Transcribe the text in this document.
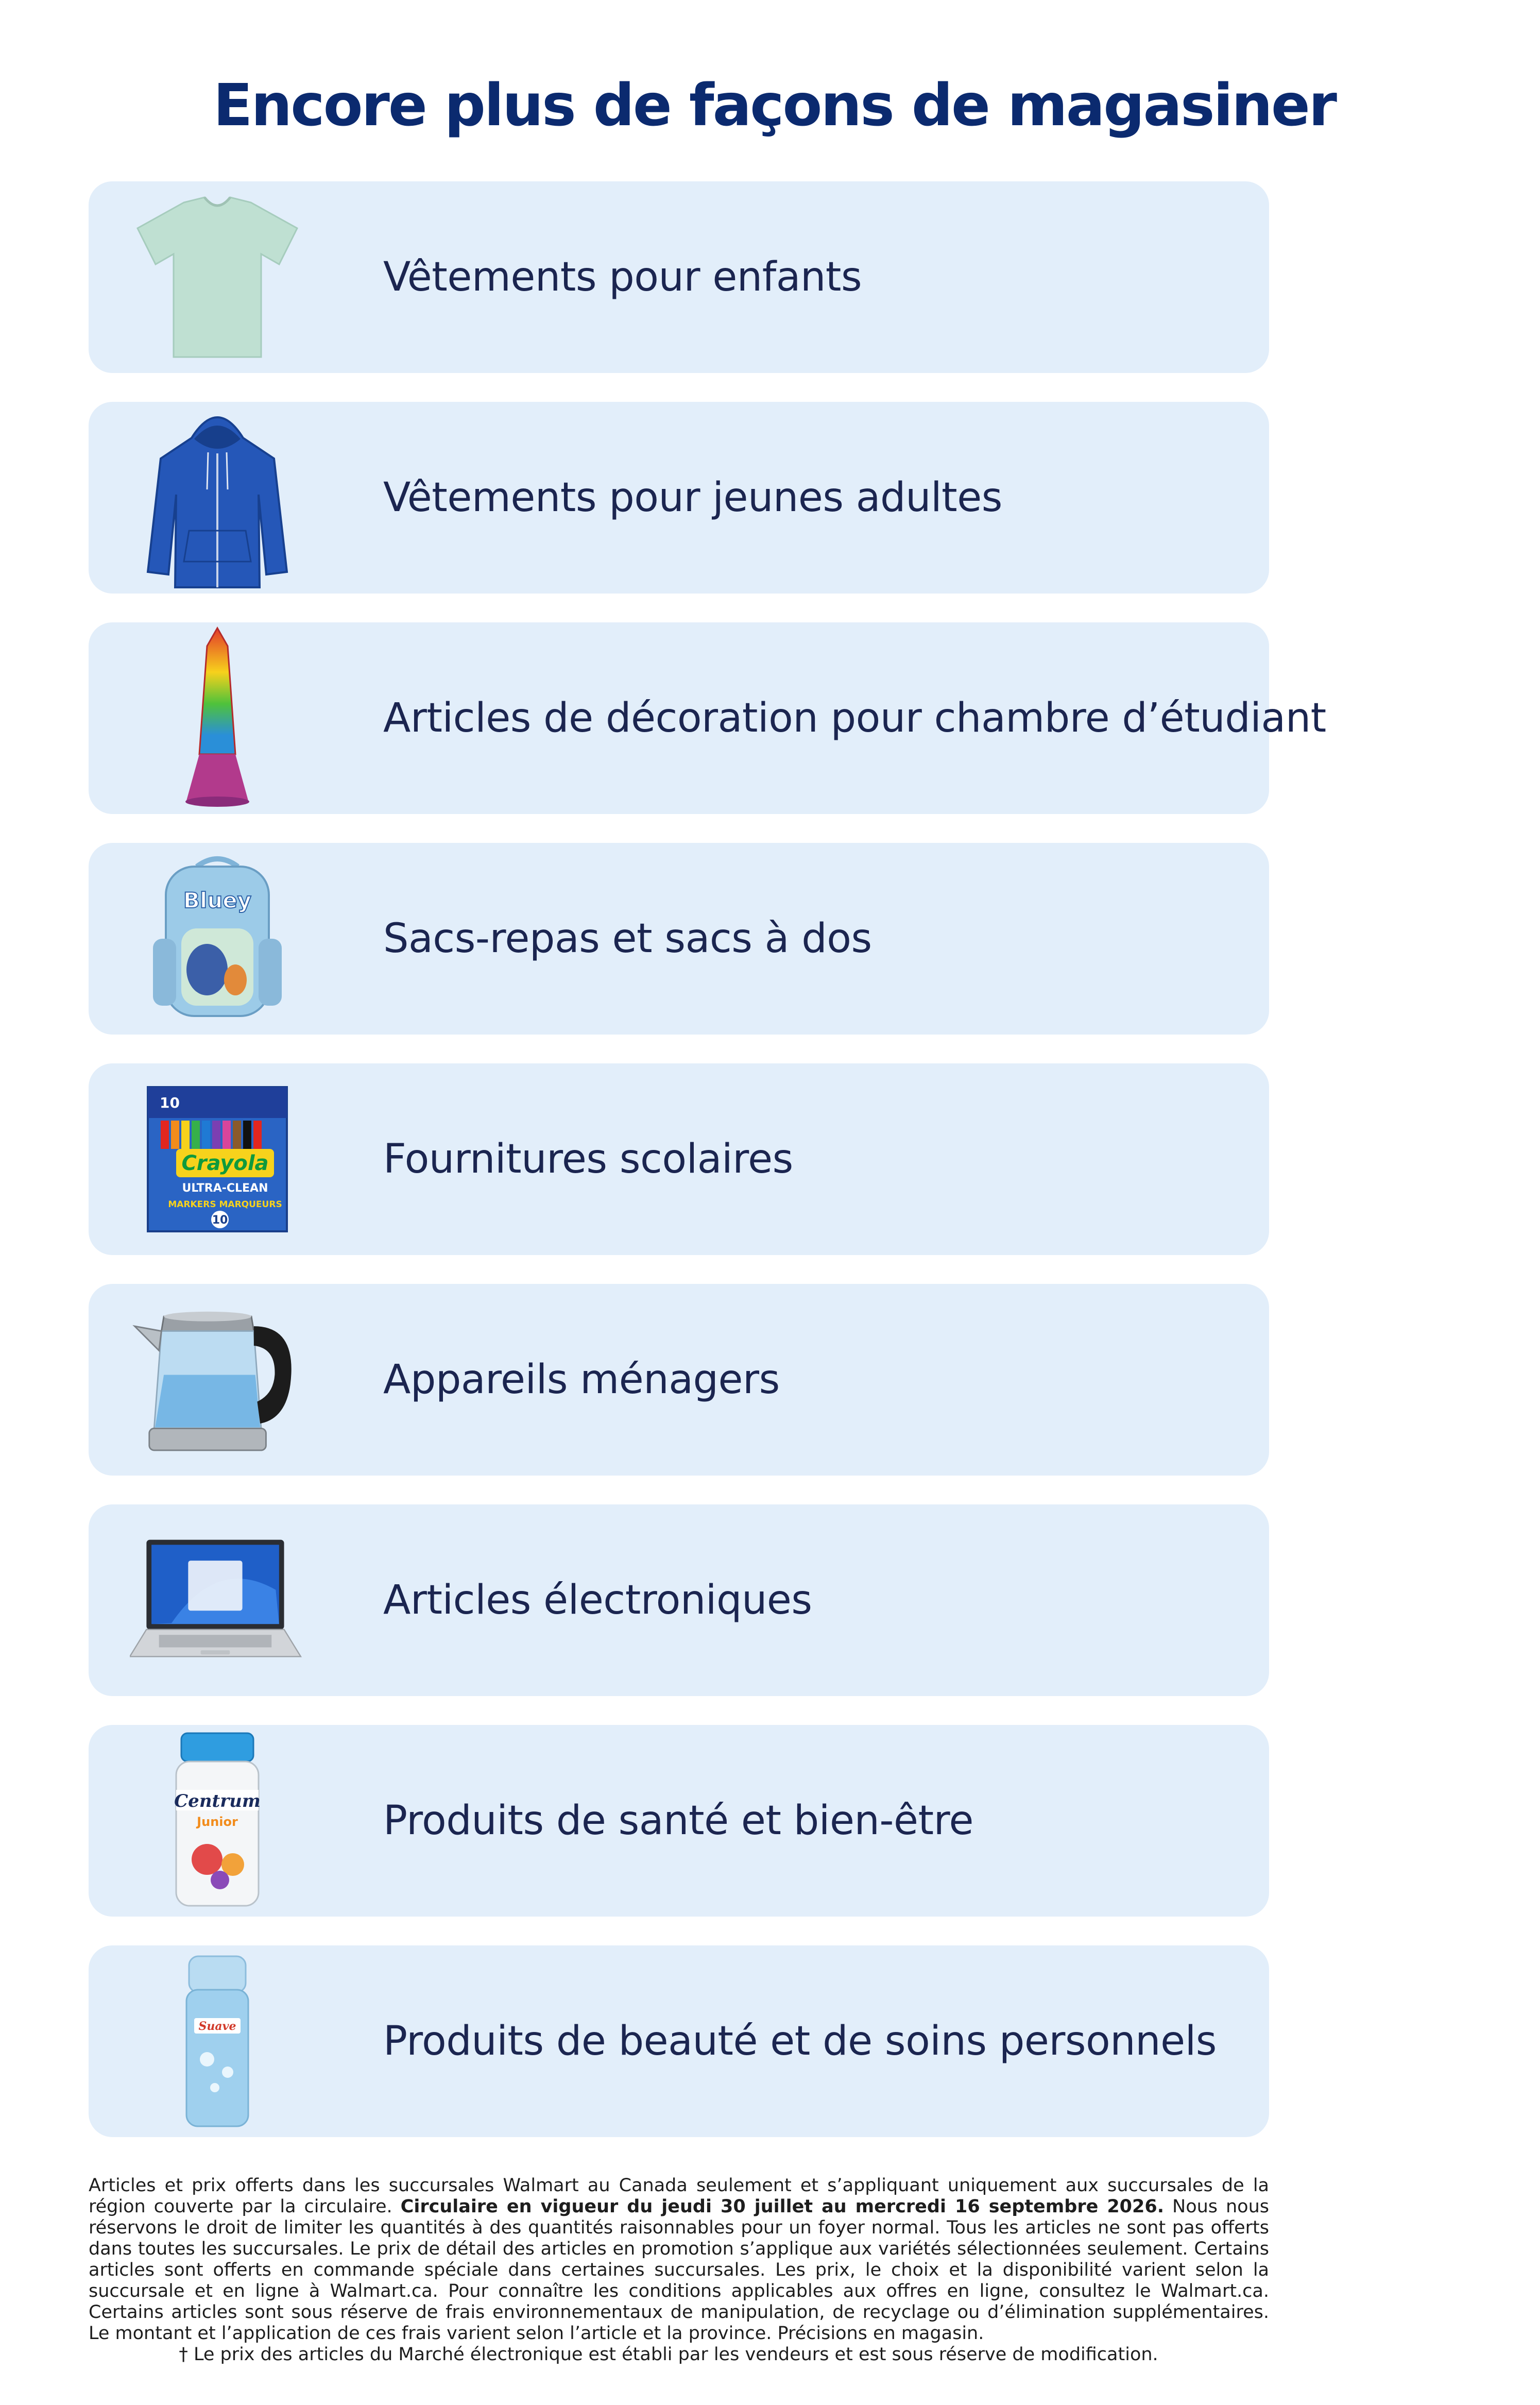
Encore plus de façons de magasiner
Vêtements pour enfants
Vêtements pour jeunes adultes
Articles de décoration pour chambre d’étudiant
Bluey
Sacs-repas et sacs à dos
Crayola
ULTRA-CLEAN
MARKERS MARQUEURS
10
10
Fournitures scolaires
Appareils ménagers
Articles électroniques
Centrum
Junior	Produits de santé et bien-être
Suave	Produits de beauté et de soins personnels
Articles et prix offerts dans les succursales Walmart au Canada seulement et s’appliquant uniquement aux succursales de la région couverte par la circulaire. Circulaire en vigueur du jeudi 30 juillet au mercredi 16 septembre 2026. Nous nous réservons le droit de limiter les quantités à des quantités raisonnables pour un foyer normal. Tous les articles ne sont pas offerts dans toutes les succursales. Le prix de détail des articles en promotion s’applique aux variétés sélectionnées seulement. Certains articles sont offerts en commande spéciale dans certaines succursales. Les prix, le choix et la disponibilité varient selon la succursale et en ligne à Walmart.ca. Pour connaître les conditions applicables aux offres en ligne, consultez le Walmart.ca. Certains articles sont sous réserve de frais environnementaux de manipulation, de recyclage ou d’élimination supplémentaires. Le montant et l’application de ces frais varient selon l’article et la province. Précisions en magasin.
† Le prix des articles du Marché électronique est établi par les vendeurs et est sous réserve de modification.
